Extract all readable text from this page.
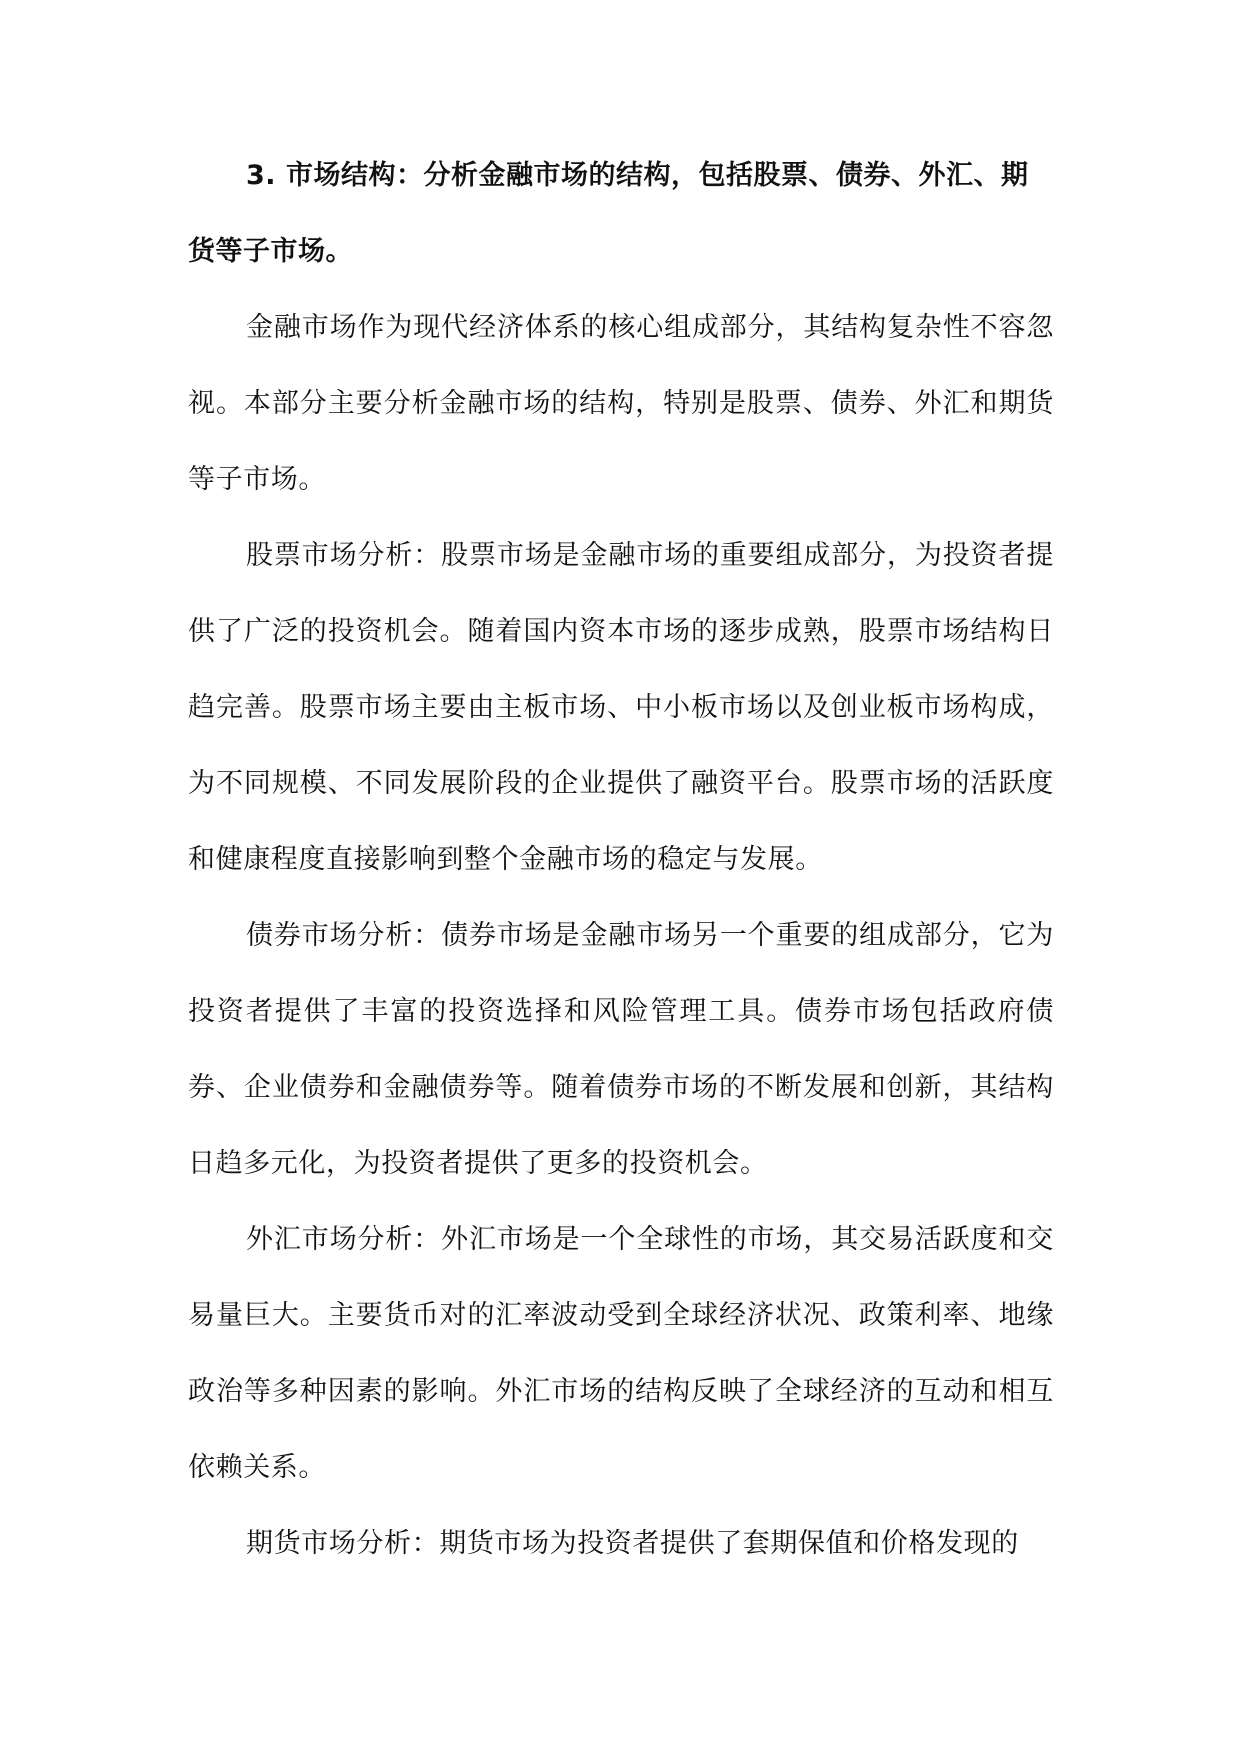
3. 市场结构：分析金融市场的结构，包括股票、债券、外汇、期货等子市场。

金融市场作为现代经济体系的核心组成部分，其结构复杂性不容忽视。本部分主要分析金融市场的结构，特别是股票、债券、外汇和期货等子市场。

股票市场分析：股票市场是金融市场的重要组成部分，为投资者提供了广泛的投资机会。随着国内资本市场的逐步成熟，股票市场结构日趋完善。股票市场主要由主板市场、中小板市场以及创业板市场构成，为不同规模、不同发展阶段的企业提供了融资平台。股票市场的活跃度和健康程度直接影响到整个金融市场的稳定与发展。

债券市场分析：债券市场是金融市场另一个重要的组成部分，它为投资者提供了丰富的投资选择和风险管理工具。债券市场包括政府债券、企业债券和金融债券等。随着债券市场的不断发展和创新，其结构日趋多元化，为投资者提供了更多的投资机会。

外汇市场分析：外汇市场是一个全球性的市场，其交易活跃度和交易量巨大。主要货币对的汇率波动受到全球经济状况、政策利率、地缘政治等多种因素的影响。外汇市场的结构反映了全球经济的互动和相互依赖关系。

期货市场分析：期货市场为投资者提供了套期保值和价格发现的
